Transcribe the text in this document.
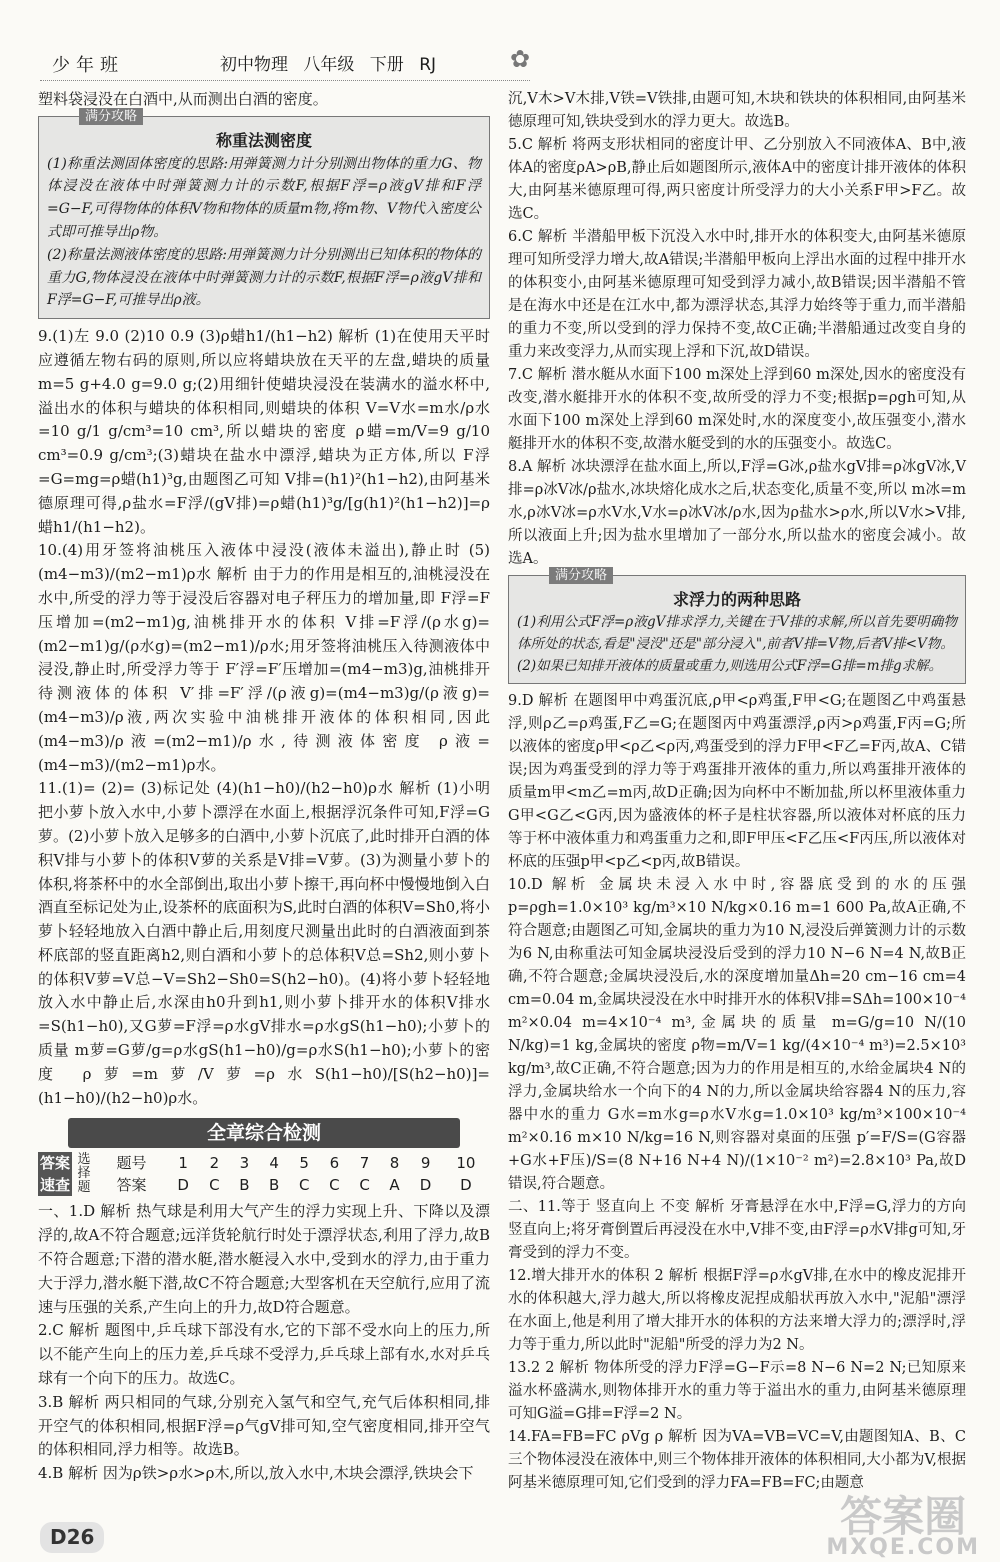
少年班	初中物理 八年级 下册 RJ	✿

塑料袋浸没在白酒中,从而测出白酒的密度。

满分攻略
称重法测密度

(1)称重法测固体密度的思路:用弹簧测力计分别测出物体的重力G、物体浸没在液体中时弹簧测力计的示数F,根据F浮=ρ液gV排和F浮=G−F,可得物体的体积V物和物体的质量m物,将m物、V物代入密度公式即可推导出ρ物。

(2)称量法测液体密度的思路:用弹簧测力计分别测出已知体积的物体的重力G,物体浸没在液体中时弹簧测力计的示数F,根据F浮=ρ液gV排和F浮=G−F,可推导出ρ液。

9.(1)左 9.0 (2)10 0.9 (3)ρ蜡h1/(h1−h2) 解析 (1)在使用天平时应遵循左物右码的原则,所以应将蜡块放在天平的左盘,蜡块的质量m=5 g+4.0 g=9.0 g;(2)用细针使蜡块浸没在装满水的溢水杯中,溢出水的体积与蜡块的体积相同,则蜡块的体积 V=V水=m水/ρ水=10 g/1 g/cm³=10 cm³,所以蜡块的密度 ρ蜡=m/V=9 g/10 cm³=0.9 g/cm³;(3)蜡块在盐水中漂浮,蜡块为正方体,所以 F浮=G=mg=ρ蜡(h1)³g,由题图乙可知 V排=(h1)²(h1−h2),由阿基米德原理可得,ρ盐水=F浮/(gV排)=ρ蜡(h1)³g/[g(h1)²(h1−h2)]=ρ蜡h1/(h1−h2)。

10.(4)用牙签将油桃压入液体中浸没(液体未溢出),静止时 (5)(m4−m3)/(m2−m1)ρ水 解析 由于力的作用是相互的,油桃浸没在水中,所受的浮力等于浸没后容器对电子秤压力的增加量,即 F浮=F压增加=(m2−m1)g,油桃排开水的体积 V排=F浮/(ρ水g)=(m2−m1)g/(ρ水g)=(m2−m1)/ρ水;用牙签将油桃压入待测液体中浸没,静止时,所受浮力等于 F′浮=F′压增加=(m4−m3)g,油桃排开待测液体的体积 V′排=F′浮/(ρ液g)=(m4−m3)g/(ρ液g)=(m4−m3)/ρ液,两次实验中油桃排开液体的体积相同,因此 (m4−m3)/ρ液=(m2−m1)/ρ水,待测液体密度 ρ液=(m4−m3)/(m2−m1)ρ水。

11.(1)= (2)= (3)标记处 (4)(h1−h0)/(h2−h0)ρ水 解析 (1)小明把小萝卜放入水中,小萝卜漂浮在水面上,根据浮沉条件可知,F浮=G萝。(2)小萝卜放入足够多的白酒中,小萝卜沉底了,此时排开白酒的体积V排与小萝卜的体积V萝的关系是V排=V萝。(3)为测量小萝卜的体积,将茶杯中的水全部倒出,取出小萝卜擦干,再向杯中慢慢地倒入白酒直至标记处为止,设茶杯的底面积为S,此时白酒的体积V=Sh0,将小萝卜轻轻地放入白酒中静止后,用刻度尺测量出此时的白酒液面到茶杯底部的竖直距离h2,则白酒和小萝卜的总体积V总=Sh2,则小萝卜的体积V萝=V总−V=Sh2−Sh0=S(h2−h0)。(4)将小萝卜轻轻地放入水中静止后,水深由h0升到h1,则小萝卜排开水的体积V排水=S(h1−h0),又G萝=F浮=ρ水gV排水=ρ水gS(h1−h0);小萝卜的质量 m萝=G萝/g=ρ水gS(h1−h0)/g=ρ水S(h1−h0);小萝卜的密度 ρ萝=m萝/V萝=ρ水S(h1−h0)/[S(h2−h0)]=(h1−h0)/(h2−h0)ρ水。

全章综合检测
答案速查	选择题	题号	1	2	3	4	5	6	7	8	9	10
		答案	D	C	B	B	C	C	C	A	D	D

一、1.D 解析 热气球是利用大气产生的浮力实现上升、下降以及漂浮的,故A不符合题意;远洋货轮航行时处于漂浮状态,利用了浮力,故B不符合题意;下潜的潜水艇,潜水艇浸入水中,受到水的浮力,由于重力大于浮力,潜水艇下潜,故C不符合题意;大型客机在天空航行,应用了流速与压强的关系,产生向上的升力,故D符合题意。

2.C 解析 题图中,乒乓球下部没有水,它的下部不受水向上的压力,所以不能产生向上的压力差,乒乓球不受浮力,乒乓球上部有水,水对乒乓球有一个向下的压力。故选C。

3.B 解析 两只相同的气球,分别充入氢气和空气,充气后体积相同,排开空气的体积相同,根据F浮=ρ气gV排可知,空气密度相同,排开空气的体积相同,浮力相等。故选B。

4.B 解析 因为ρ铁>ρ水>ρ木,所以,放入水中,木块会漂浮,铁块会下

沉,V木>V木排,V铁=V铁排,由题可知,木块和铁块的体积相同,由阿基米德原理可知,铁块受到水的浮力更大。故选B。

5.C 解析 将两支形状相同的密度计甲、乙分别放入不同液体A、B中,液体A的密度ρA>ρB,静止后如题图所示,液体A中的密度计排开液体的体积大,由阿基米德原理可得,两只密度计所受浮力的大小关系F甲>F乙。故选C。

6.C 解析 半潜船甲板下沉没入水中时,排开水的体积变大,由阿基米德原理可知所受浮力增大,故A错误;半潜船甲板向上浮出水面的过程中排开水的体积变小,由阿基米德原理可知受到浮力减小,故B错误;因半潜船不管是在海水中还是在江水中,都为漂浮状态,其浮力始终等于重力,而半潜船的重力不变,所以受到的浮力保持不变,故C正确;半潜船通过改变自身的重力来改变浮力,从而实现上浮和下沉,故D错误。

7.C 解析 潜水艇从水面下100 m深处上浮到60 m深处,因水的密度没有改变,潜水艇排开水的体积不变,故所受的浮力不变;根据p=ρgh可知,从水面下100 m深处上浮到60 m深处时,水的深度变小,故压强变小,潜水艇排开水的体积不变,故潜水艇受到的水的压强变小。故选C。

8.A 解析 冰块漂浮在盐水面上,所以,F浮=G冰,ρ盐水gV排=ρ冰gV冰,V排=ρ冰V冰/ρ盐水,冰块熔化成水之后,状态变化,质量不变,所以 m冰=m水,ρ冰V冰=ρ水V水,V水=ρ冰V冰/ρ水,因为ρ盐水>ρ水,所以V水>V排,所以液面上升;因为盐水里增加了一部分水,所以盐水的密度会减小。故选A。

满分攻略
求浮力的两种思路

(1)利用公式F浮=ρ液gV排求浮力,关键在于V排的求解,所以首先要明确物体所处的状态,看是"浸没"还是"部分浸入",前者V排=V物,后者V排<V物。

(2)如果已知排开液体的质量或重力,则选用公式F浮=G排=m排g求解。

9.D 解析 在题图甲中鸡蛋沉底,ρ甲<ρ鸡蛋,F甲<G;在题图乙中鸡蛋悬浮,则ρ乙=ρ鸡蛋,F乙=G;在题图丙中鸡蛋漂浮,ρ丙>ρ鸡蛋,F丙=G;所以液体的密度ρ甲<ρ乙<ρ丙,鸡蛋受到的浮力F甲<F乙=F丙,故A、C错误;因为鸡蛋受到的浮力等于鸡蛋排开液体的重力,所以鸡蛋排开液体的质量m甲<m乙=m丙,故D正确;因为向杯中不断加盐,所以杯里液体重力G甲<G乙<G丙,因为盛液体的杯子是柱状容器,所以液体对杯底的压力等于杯中液体重力和鸡蛋重力之和,即F甲压<F乙压<F丙压,所以液体对杯底的压强p甲<p乙<p丙,故B错误。

10.D 解析 金属块未浸入水中时,容器底受到的水的压强p=ρgh=1.0×10³ kg/m³×10 N/kg×0.16 m=1 600 Pa,故A正确,不符合题意;由题图乙可知,金属块的重力为10 N,浸没后弹簧测力计的示数为6 N,由称重法可知金属块浸没后受到的浮力10 N−6 N=4 N,故B正确,不符合题意;金属块浸没后,水的深度增加量Δh=20 cm−16 cm=4 cm=0.04 m,金属块浸没在水中时排开水的体积V排=SΔh=100×10⁻⁴ m²×0.04 m=4×10⁻⁴ m³,金属块的质量 m=G/g=10 N/(10 N/kg)=1 kg,金属块的密度 ρ物=m/V=1 kg/(4×10⁻⁴ m³)=2.5×10³ kg/m³,故C正确,不符合题意;因为力的作用是相互的,水给金属块4 N的浮力,金属块给水一个向下的4 N的力,所以金属块给容器4 N的压力,容器中水的重力 G水=m水g=ρ水V水g=1.0×10³ kg/m³×100×10⁻⁴ m²×0.16 m×10 N/kg=16 N,则容器对桌面的压强 p′=F/S=(G容器+G水+F压)/S=(8 N+16 N+4 N)/(1×10⁻² m²)=2.8×10³ Pa,故D错误,符合题意。

二、11.等于 竖直向上 不变 解析 牙膏悬浮在水中,F浮=G,浮力的方向竖直向上;将牙膏倒置后再浸没在水中,V排不变,由F浮=ρ水V排g可知,牙膏受到的浮力不变。

12.增大排开水的体积 2 解析 根据F浮=ρ水gV排,在水中的橡皮泥排开水的体积越大,浮力越大,所以将橡皮泥捏成船状再放入水中,"泥船"漂浮在水面上,他是利用了增大排开水的体积的方法来增大浮力的;漂浮时,浮力等于重力,所以此时"泥船"所受的浮力为2 N。

13.2 2 解析 物体所受的浮力F浮=G−F示=8 N−6 N=2 N;已知原来溢水杯盛满水,则物体排开水的重力等于溢出水的重力,由阿基米德原理可知G溢=G排=F浮=2 N。

14.FA=FB=FC ρVg ρ 解析 因为VA=VB=VC=V,由题图知A、B、C三个物体浸没在液体中,则三个物体排开液体的体积相同,大小都为V,根据阿基米德原理可知,它们受到的浮力FA=FB=FC;由题意

D26	答案圈
MXQE.COM
